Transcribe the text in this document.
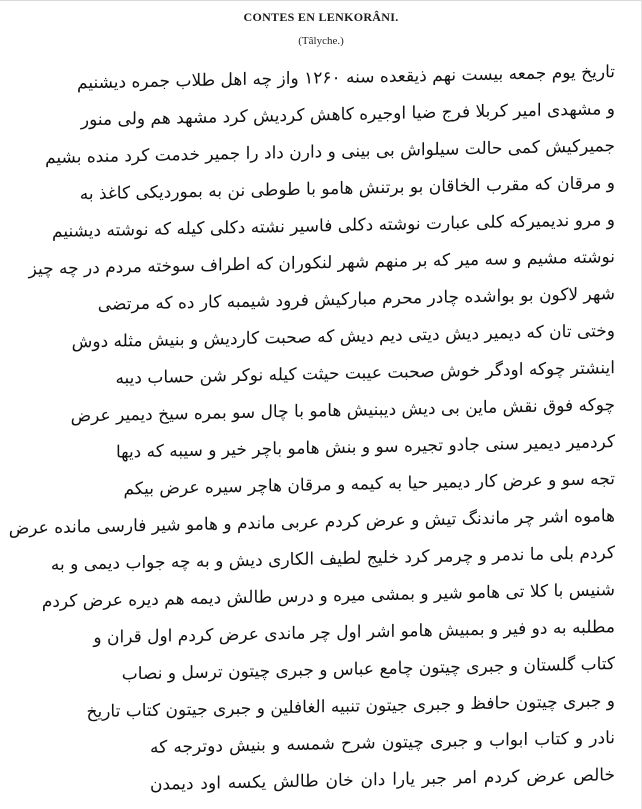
CONTES EN LENKORÂNI.
(Tâlyche.)
تاریخ یوم جمعه بیست نهم ذیقعده سنه ۱۲۶۰ واز چه اهل طلاب جمره دیشنیم
و مشهدی امیر کربلا فرج ضیا اوجیره کاهش کردیش کرد مشهد هم ولی منور
جمیرکیش کمی حالت سیلواش بی بینی و دارن داد را جمیر خدمت کرد منده بشیم
و مرقان که مقرب الخاقان بو برتنش هامو با طوطی نن به بموردیکی کاغذ به
و مرو ندیمیرکه کلی عبارت نوشته دکلی فاسیر نشته دکلی کیله که نوشته دیشنیم
نوشته مشیم و سه میر که بر منهم شهر لنکوران که اطراف سوخته مردم در چه چیز
شهر لاکون بو بواشده چادر محرم مبارکیش فرود شیمبه کار ده که مرتضی
وختی تان که دیمیر دیش دیتی دیم دیش که صحبت کاردیش و بنیش مثله دوش
اینشتر چوکه اودگر خوش صحبت عیبت حیثت کیله نوکر شن حساب دیبه
چوکه فوق نقش ماین بی دیش دیبنیش هامو با چال سو بمره سیخ دیمیر عرض
کردمیر دیمیر سنی جادو تجیره سو و بنش هامو باچر خیر و سیبه که دیها
تجه سو و عرض کار دیمیر حیا به کیمه و مرقان هاچر سیره عرض بیکم
هاموه اشر چر ماندنگ تیش و عرض کردم عربی ماندم و هامو شیر فارسی مانده عرض
کردم بلی ما ندمر و چرمر کرد خلیج لطیف الکاری دیش و به چه جواب دیمی و به
شنیس با کلا تی هامو شیر و بمشی میره و درس طالش دیمه هم دیره عرض کردم
مطلبه به دو فیر و بمبیش هامو اشر اول چر ماندی عرض کردم اول قران و
کتاب گلستان و جبری چیتون چامع عباس و جبری چیتون ترسل و نصاب
و جبری چیتون حافظ و جبری جیتون تنبیه الغافلین و جبری جیتون کتاب تاریخ
نادر و کتاب ابواب و جبری چیتون شرح شمسه و بنیش دوترجه که
خالص عرض کردم امر جبر یارا دان خان طالش یکسه اود دیمدن
